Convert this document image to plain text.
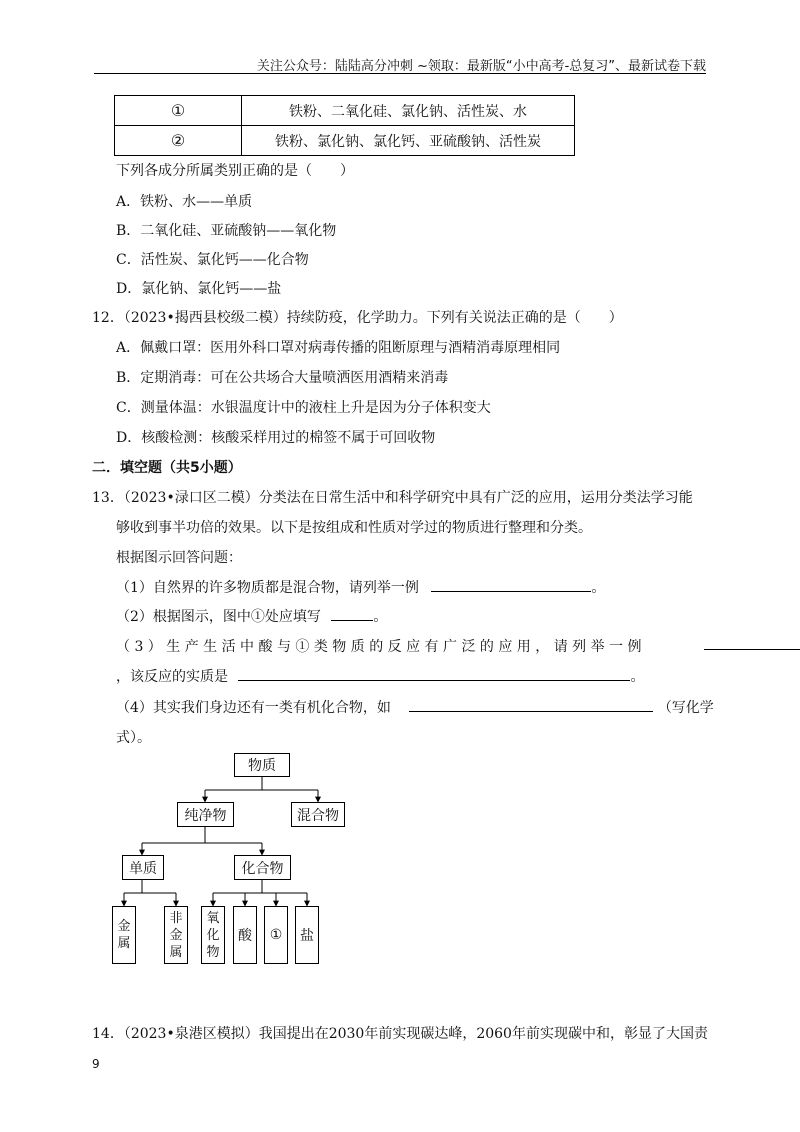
关注公众号：陆陆高分冲刺 ~领取：最新版“小中高考-总复习”、最新试卷下载
①	铁粉、二氧化硅、氯化钠、活性炭、水
②	铁粉、氯化钠、氯化钙、亚硫酸钠、活性炭
下列各成分所属类别正确的是（　　）
A．铁粉、水——单质
B．二氧化硅、亚硫酸钠——氧化物
C．活性炭、氯化钙——化合物
D．氯化钠、氯化钙——盐
12．（2023•揭西县校级二模）持续防疫，化学助力。下列有关说法正确的是（　　）
A．佩戴口罩：医用外科口罩对病毒传播的阻断原理与酒精消毒原理相同
B．定期消毒：可在公共场合大量喷洒医用酒精来消毒
C．测量体温：水银温度计中的液柱上升是因为分子体积变大
D．核酸检测：核酸采样用过的棉签不属于可回收物
二．填空题（共5小题）
13．（2023•渌口区二模）分类法在日常生活中和科学研究中具有广泛的应用，运用分类法学习能
够收到事半功倍的效果。以下是按组成和性质对学过的物质进行整理和分类。
根据图示回答问题：
（1）自然界的许多物质都是混合物，请列举一例	。
（2）根据图示，图中①处应填写	。
（ 3 ） 生 产 生 活 中 酸 与 ① 类 物 质 的 反 应 有 广 泛 的 应 用 ， 请 列 举 一 例
，该反应的实质是	。
（4）其实我们身边还有一类有机化合物，如	（写化学
式）。
物质
纯净物	混合物
单质	化合物
金
属
非
金
属
氧
化
物
酸	①	盐
14．（2023•泉港区模拟）我国提出在2030年前实现碳达峰，2060年前实现碳中和，彰显了大国责
9
